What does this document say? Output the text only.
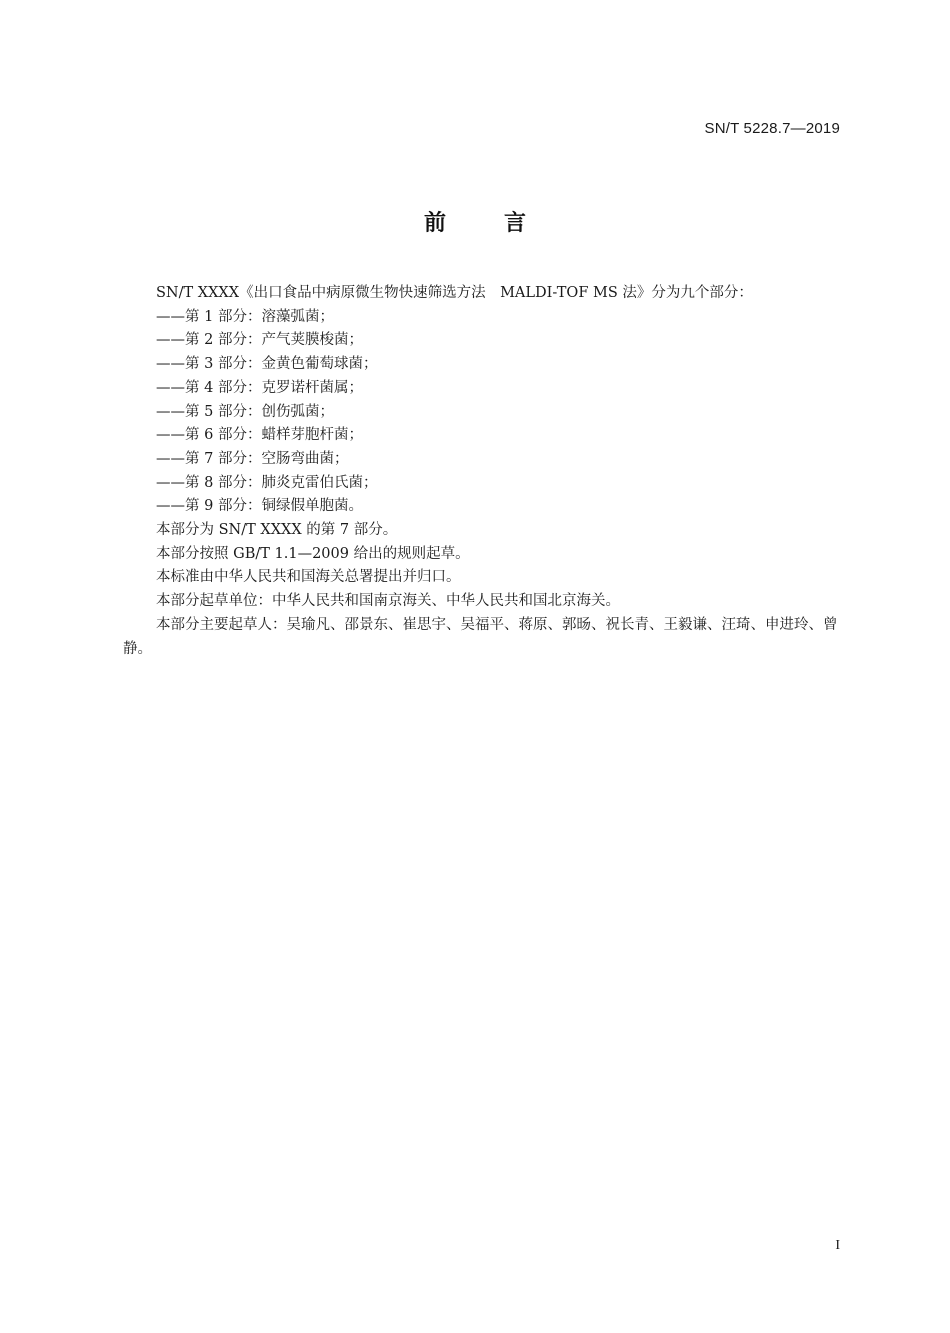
SN/T 5228.7—2019
前言

SN/T XXXX《出口食品中病原微生物快速筛选方法　MALDI-TOF MS 法》分为九个部分：

——第 1 部分：溶藻弧菌；

——第 2 部分：产气荚膜梭菌；

——第 3 部分：金黄色葡萄球菌；

——第 4 部分：克罗诺杆菌属；

——第 5 部分：创伤弧菌；

——第 6 部分：蜡样芽胞杆菌；

——第 7 部分：空肠弯曲菌；

——第 8 部分：肺炎克雷伯氏菌；

——第 9 部分：铜绿假单胞菌。

本部分为 SN/T XXXX 的第 7 部分。

本部分按照 GB/T 1.1—2009 给出的规则起草。

本标准由中华人民共和国海关总署提出并归口。

本部分起草单位：中华人民共和国南京海关、中华人民共和国北京海关。

本部分主要起草人：吴瑜凡、邵景东、崔思宇、吴福平、蒋原、郭旸、祝长青、王毅谦、汪琦、申进玲、曾静。

I
